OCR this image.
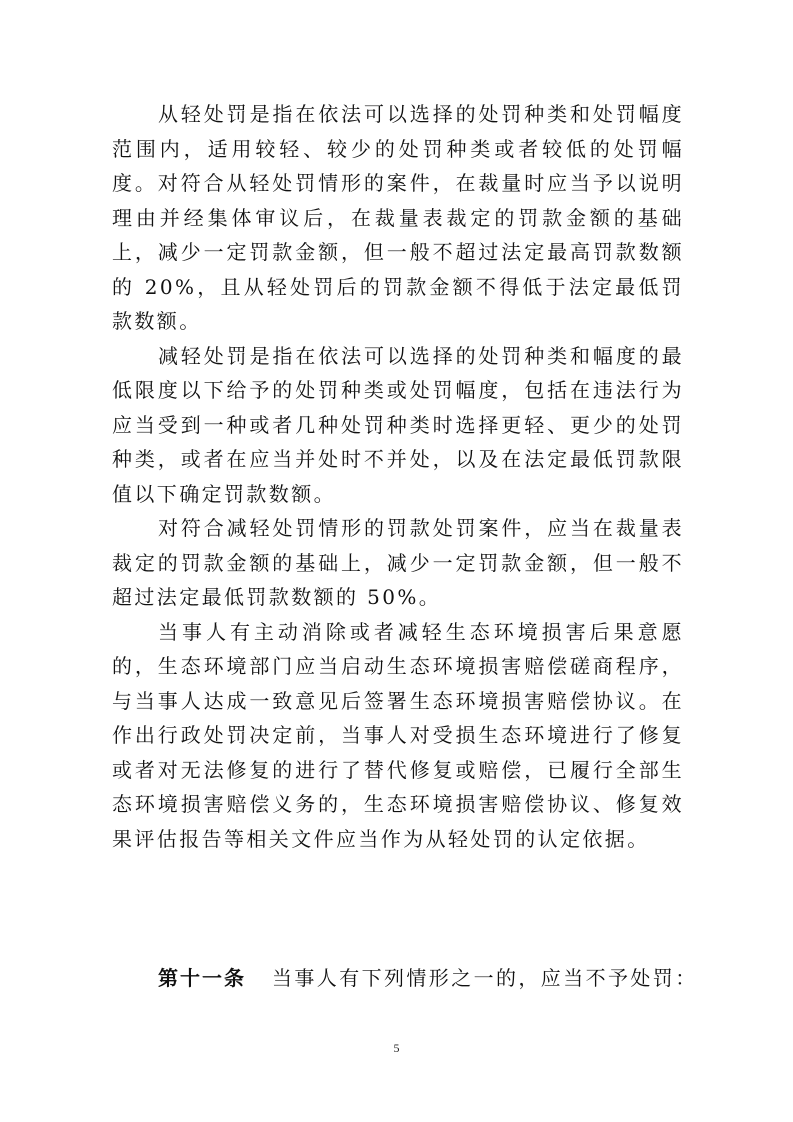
从轻处罚是指在依法可以选择的处罚种类和处罚幅度范围内，适用较轻、较少的处罚种类或者较低的处罚幅度。对符合从轻处罚情形的案件，在裁量时应当予以说明理由并经集体审议后，在裁量表裁定的罚款金额的基础上，减少一定罚款金额，但一般不超过法定最高罚款数额的 20%，且从轻处罚后的罚款金额不得低于法定最低罚款数额。

减轻处罚是指在依法可以选择的处罚种类和幅度的最低限度以下给予的处罚种类或处罚幅度，包括在违法行为应当受到一种或者几种处罚种类时选择更轻、更少的处罚种类，或者在应当并处时不并处，以及在法定最低罚款限值以下确定罚款数额。

对符合减轻处罚情形的罚款处罚案件，应当在裁量表裁定的罚款金额的基础上，减少一定罚款金额，但一般不超过法定最低罚款数额的 50%。

当事人有主动消除或者减轻生态环境损害后果意愿的，生态环境部门应当启动生态环境损害赔偿磋商程序，与当事人达成一致意见后签署生态环境损害赔偿协议。在作出行政处罚决定前，当事人对受损生态环境进行了修复或者对无法修复的进行了替代修复或赔偿，已履行全部生态环境损害赔偿义务的，生态环境损害赔偿协议、修复效果评估报告等相关文件应当作为从轻处罚的认定依据。

第十一条 当事人有下列情形之一的，应当不予处罚：

5
